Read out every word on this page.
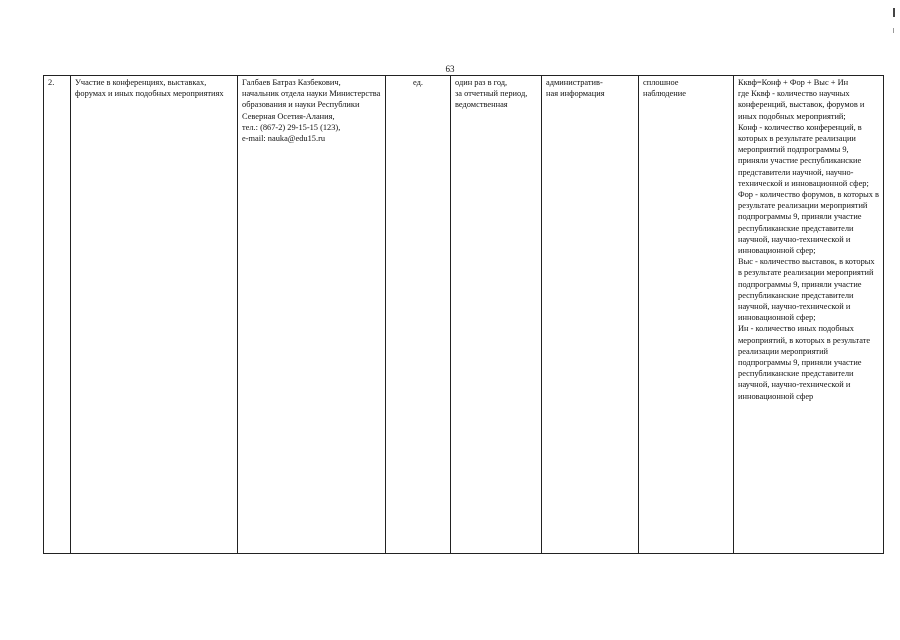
63
2.	Участие в конференциях, выставках, форумах и иных подобных мероприятиях	Галбаев Батраз Казбекович,
начальник отдела науки Министерства образования и науки Республики Северная Осетия-Алания,
тел.: (867-2) 29-15-15 (123),
e-mail: nauka@edu15.ru	ед.	один раз в год,
за отчетный период,
ведомственная	административ-
ная информация	сплошное
наблюдение	Кквф=Конф + Фор + Выс + Ин
где Кквф - количество научных конференций, выставок, форумов и иных подобных мероприятий;
Конф - количество конференций, в которых в результате реализации мероприятий подпрограммы 9, приняли участие республиканские представители научной, научно-технической и инновационной сфер;
Фор - количество форумов, в которых в результате реализации мероприятий подпрограммы 9, приняли участие республиканские представители научной, научно-технической и инновационной сфер;
Выс - количество выставок, в которых в результате реализации мероприятий подпрограммы 9, приняли участие республиканские представители научной, научно-технической и инновационной сфер;
Ин - количество иных подобных мероприятий, в которых в результате реализации мероприятий подпрограммы 9, приняли участие республиканские представители научной, научно-технической и инновационной сфер
